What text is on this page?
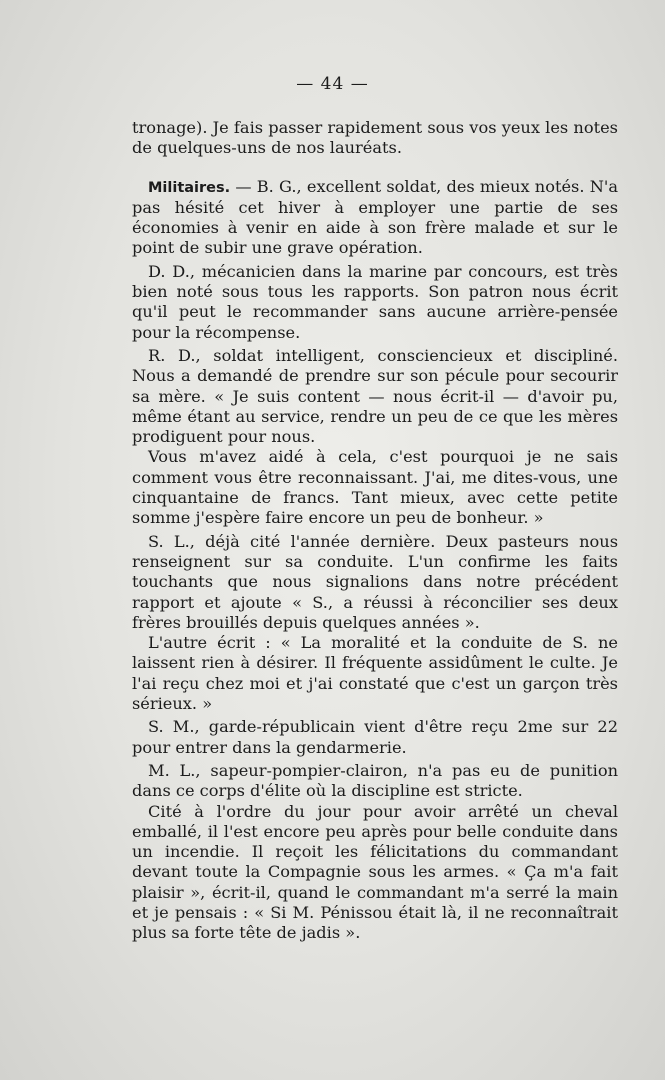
— 44 —

tronage). Je fais passer rapidement sous vos yeux les notes de quelques-uns de nos lauréats.

Militaires. — B. G., excellent soldat, des mieux notés. N'a pas hésité cet hiver à employer une partie de ses économies à venir en aide à son frère malade et sur le point de subir une grave opération.

D. D., mécanicien dans la marine par concours, est très bien noté sous tous les rapports. Son patron nous écrit qu'il peut le recommander sans aucune arrière-pensée pour la récompense.

R. D., soldat intelligent, consciencieux et discipliné. Nous a demandé de prendre sur son pécule pour secourir sa mère. « Je suis content — nous écrit-il — d'avoir pu, même étant au service, rendre un peu de ce que les mères prodiguent pour nous.

Vous m'avez aidé à cela, c'est pourquoi je ne sais comment vous être reconnaissant. J'ai, me dites-vous, une cinquantaine de francs. Tant mieux, avec cette petite somme j'espère faire encore un peu de bonheur. »

S. L., déjà cité l'année dernière. Deux pasteurs nous renseignent sur sa conduite. L'un confirme les faits touchants que nous signalions dans notre précédent rapport et ajoute « S., a réussi à réconcilier ses deux frères brouillés depuis quelques années ».

L'autre écrit : « La moralité et la conduite de S. ne laissent rien à désirer. Il fréquente assidûment le culte. Je l'ai reçu chez moi et j'ai constaté que c'est un garçon très sérieux. »

S. M., garde-républicain vient d'être reçu 2me sur 22 pour entrer dans la gendarmerie.

M. L., sapeur-pompier-clairon, n'a pas eu de punition dans ce corps d'élite où la discipline est stricte.

Cité à l'ordre du jour pour avoir arrêté un cheval emballé, il l'est encore peu après pour belle conduite dans un incendie. Il reçoit les félicitations du commandant devant toute la Compagnie sous les armes. « Ça m'a fait plaisir », écrit-il, quand le commandant m'a serré la main et je pensais : « Si M. Pénissou était là, il ne reconnaîtrait plus sa forte tête de jadis ».
